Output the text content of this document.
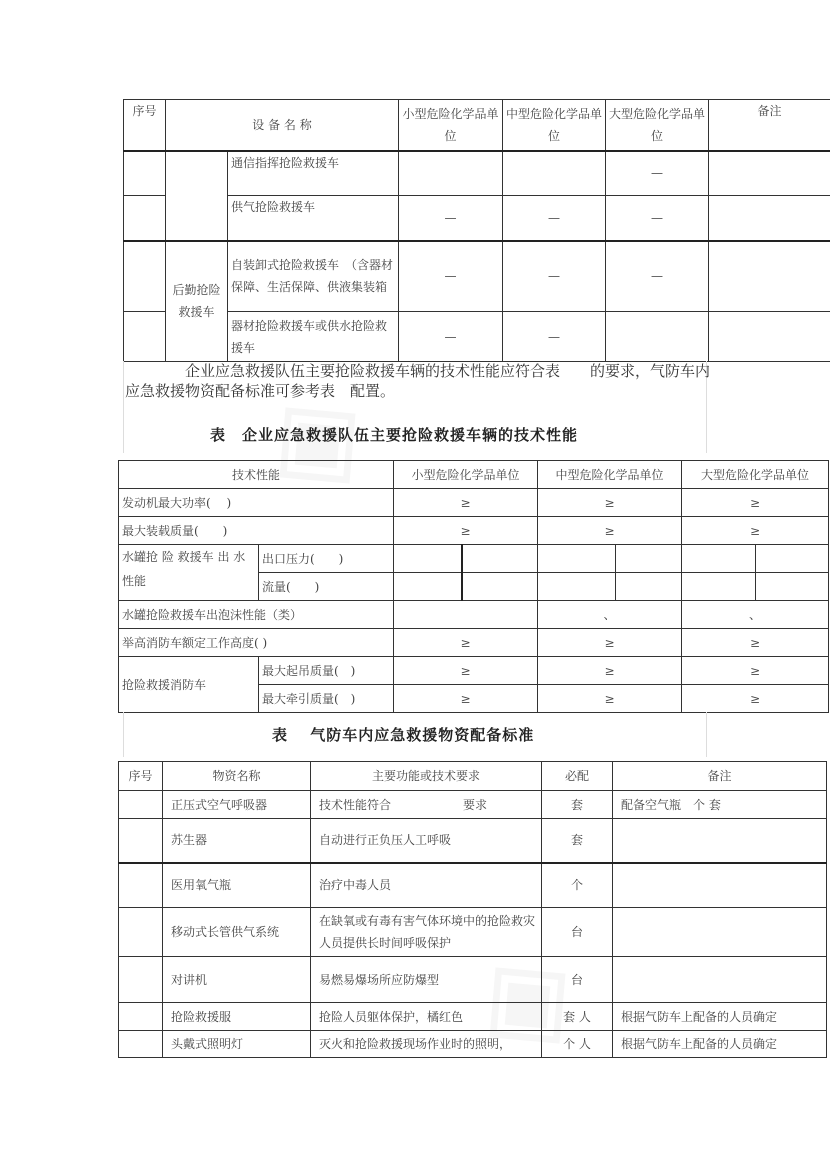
序号	设 备 名 称		小型危险化学品单位	中型危险化学品单位	大型危险化学品单位	备注
		通信指挥抢险救援车			—	
		供气抢险救援车	—	—	—	
	后勤抢险救援车	自装卸式抢险救援车　（含器材保障、生活保障、供液集装箱	—	—	—	
		器材抢险救援车或供水抢险救援车	—	—		
企业应急救援队伍主要抢险救援车辆的技术性能应符合表　　的要求，气防车内应急救援物资配备标准可参考表　配置。
表　企业应急救援队伍主要抢险救援车辆的技术性能
技术性能		小型危险化学品单位		中型危险化学品单位		大型危险化学品单位	
发动机最大功率(　 )		≥		≥		≥	
最大装载质量(　　)		≥		≥		≥	
水罐抢 险 救援车 出 水性能	出口压力(　　)						
	流量(　　)						
水罐抢险救援车出泡沫性能（类）				、		、	
举高消防车额定工作高度( )		≥		≥		≥	
抢险救援消防车	最大起吊质量(　)	≥		≥		≥	
	最大牵引质量(　)	≥		≥		≥	
表　 气防车内应急救援物资配备标准
序号	物资名称	主要功能或技术要求	必配	备注
	正压式空气呼吸器	技术性能符合　　　　　　要求	套	配备空气瓶　个 套
	苏生器	自动进行正负压人工呼吸	套	
	医用氧气瓶	治疗中毒人员	个	
	移动式长管供气系统	在缺氧或有毒有害气体环境中的抢险救灾人员提供长时间呼吸保护	台	
	对讲机	易燃易爆场所应防爆型	台	
	抢险救援服	抢险人员躯体保护，橘红色	套 人	根据气防车上配备的人员确定
	头戴式照明灯	灭火和抢险救援现场作业时的照明，	个 人	根据气防车上配备的人员确定
